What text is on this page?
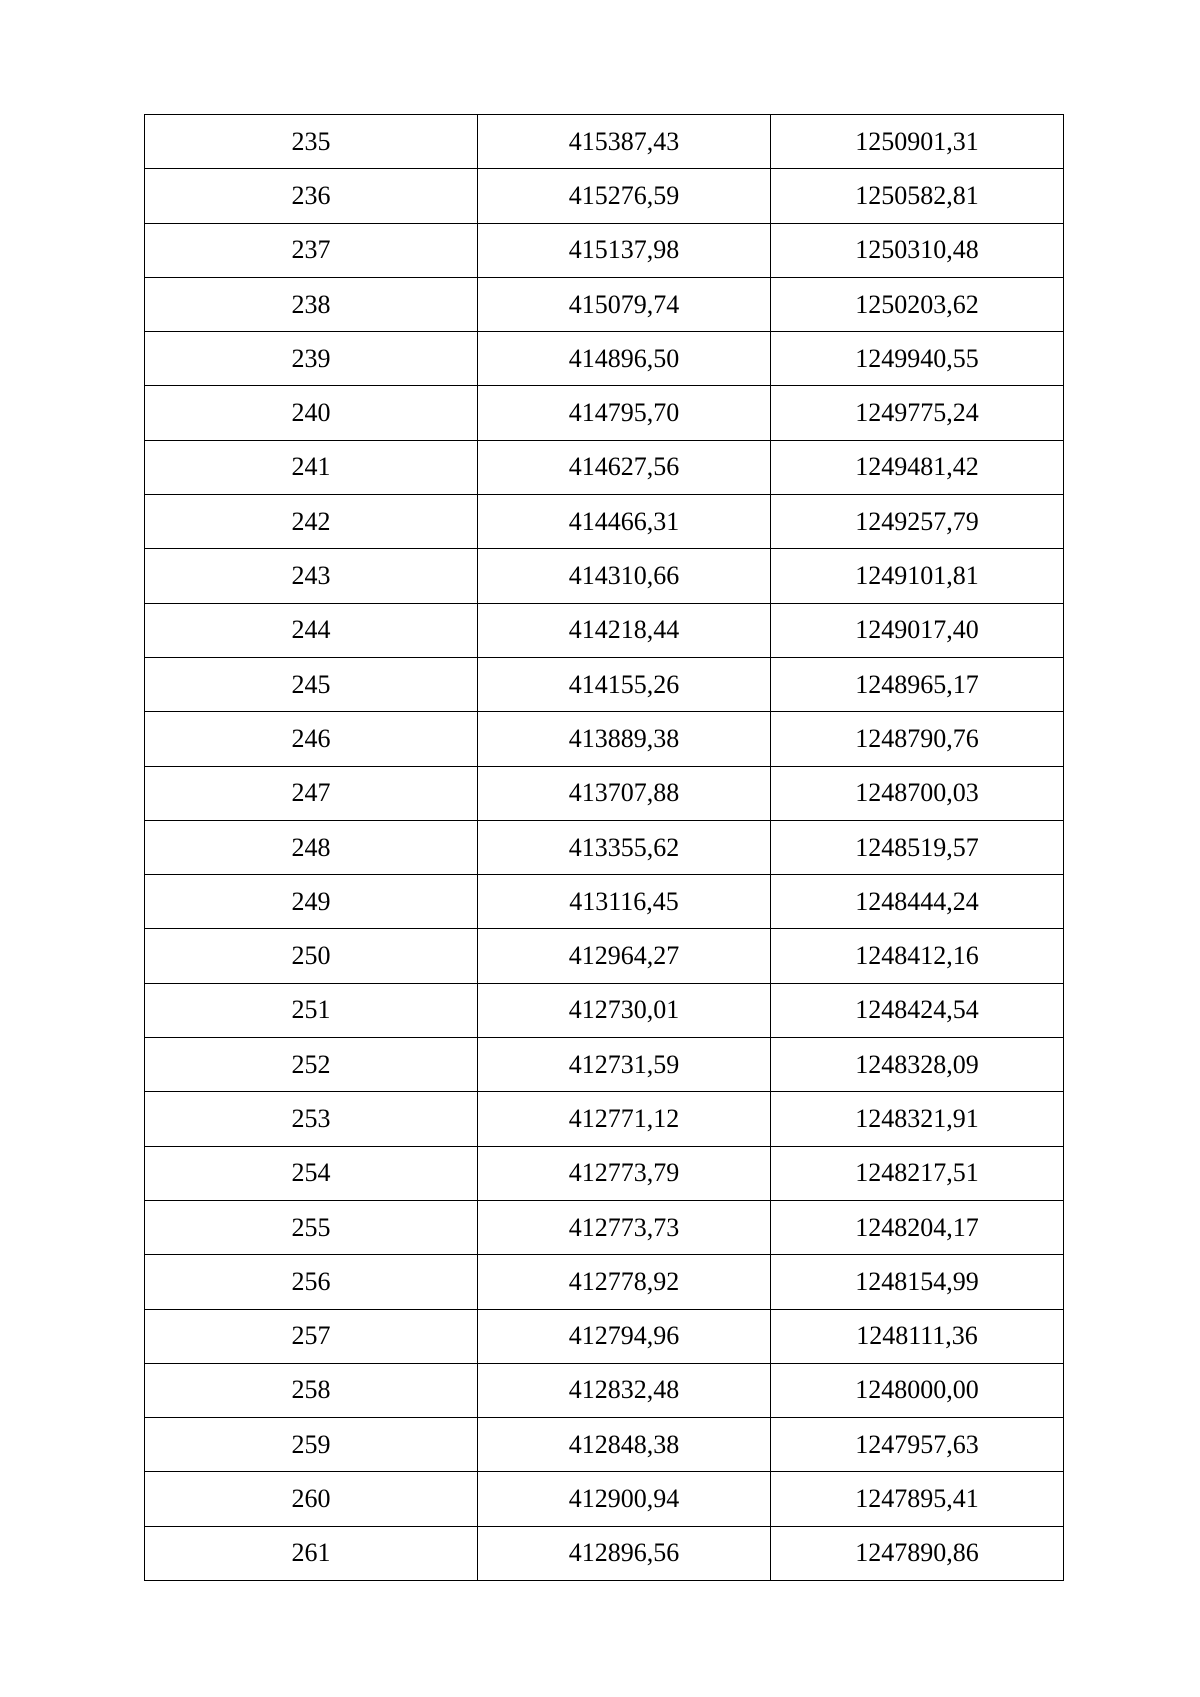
235	415387,43	1250901,31
236	415276,59	1250582,81
237	415137,98	1250310,48
238	415079,74	1250203,62
239	414896,50	1249940,55
240	414795,70	1249775,24
241	414627,56	1249481,42
242	414466,31	1249257,79
243	414310,66	1249101,81
244	414218,44	1249017,40
245	414155,26	1248965,17
246	413889,38	1248790,76
247	413707,88	1248700,03
248	413355,62	1248519,57
249	413116,45	1248444,24
250	412964,27	1248412,16
251	412730,01	1248424,54
252	412731,59	1248328,09
253	412771,12	1248321,91
254	412773,79	1248217,51
255	412773,73	1248204,17
256	412778,92	1248154,99
257	412794,96	1248111,36
258	412832,48	1248000,00
259	412848,38	1247957,63
260	412900,94	1247895,41
261	412896,56	1247890,86
